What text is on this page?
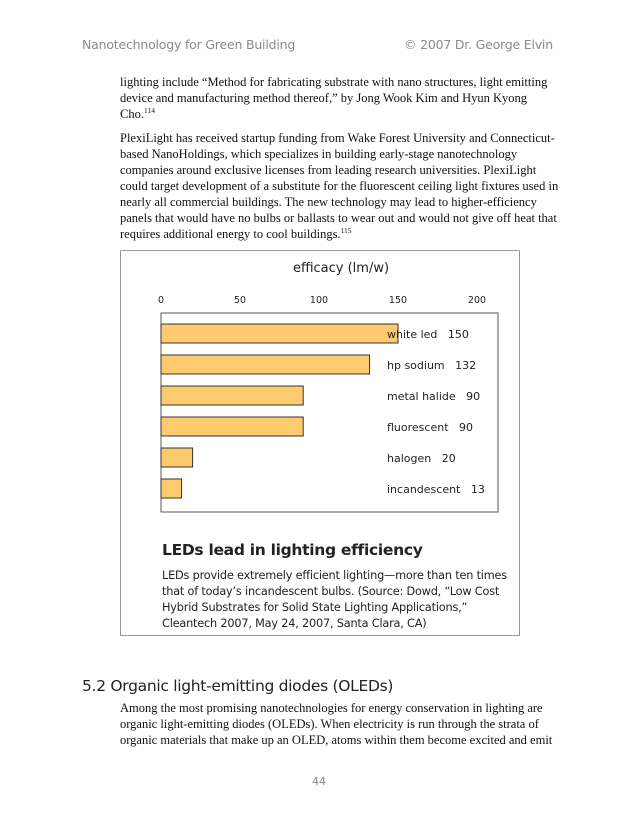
Nanotechnology for Green Building	© 2007 Dr. George Elvin

lighting include “Method for fabricating substrate with nano structures, light emitting device and manufacturing method thereof,” by Jong Wook Kim and Hyun Kyong Cho.$^{114}$

PlexiLight has received startup funding from Wake Forest University and Connecticut-based NanoHoldings, which specializes in building early-stage nanotechnology companies around exclusive licenses from leading research universities. PlexiLight could target development of a substitute for the fluorescent ceiling light fixtures used in nearly all commercial buildings. The new technology may lead to higher-efficiency panels that would have no bulbs or ballasts to wear out and would not give off heat that requires additional energy to cool buildings.$^{115}$

efficacy (lm/w)
0	50	100	150	200
white led   150
hp sodium   132
metal halide   90
fluorescent   90
halogen   20
incandescent   13
LEDs lead in lighting efficiency

LEDs provide extremely efficient lighting—more than ten times that of today’s incandescent bulbs. (Source: Dowd, “Low Cost Hybrid Substrates for Solid State Lighting Applications,” Cleantech 2007, May 24, 2007, Santa Clara, CA)

5.2 Organic light-emitting diodes (OLEDs)

Among the most promising nanotechnologies for energy conservation in lighting are organic light-emitting diodes (OLEDs). When electricity is run through the strata of organic materials that make up an OLED, atoms within them become excited and emit

44
